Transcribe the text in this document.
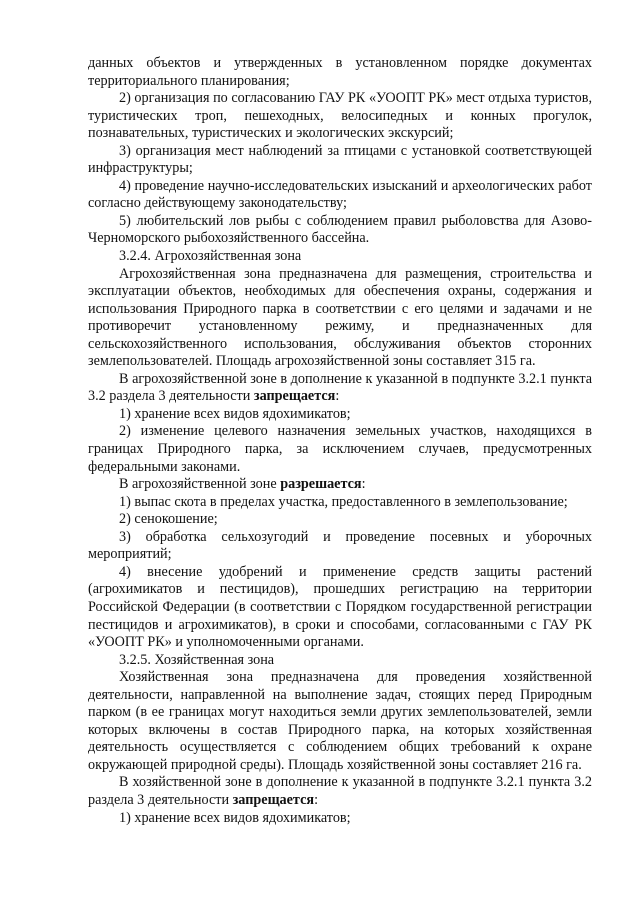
данных объектов и утвержденных в установленном порядке документах территориального планирования;

2) организация по согласованию ГАУ РК «УООПТ РК» мест отдыха туристов, туристических троп, пешеходных, велосипедных и конных прогулок, познавательных, туристических и экологических экскурсий;

3) организация мест наблюдений за птицами с установкой соответствующей инфраструктуры;

4) проведение научно-исследовательских изысканий и археологических работ согласно действующему законодательству;

5) любительский лов рыбы с соблюдением правил рыболовства для Азово-Черноморского рыбохозяйственного бассейна.

3.2.4. Агрохозяйственная зона

Агрохозяйственная зона предназначена для размещения, строительства и эксплуатации объектов, необходимых для обеспечения охраны, содержания и использования Природного парка в соответствии с его целями и задачами и не противоречит установленному режиму, и предназначенных для сельскохозяйственного использования, обслуживания объектов сторонних землепользователей. Площадь агрохозяйственной зоны составляет 315 га.

В агрохозяйственной зоне в дополнение к указанной в подпункте 3.2.1 пункта 3.2 раздела 3 деятельности запрещается:

1) хранение всех видов ядохимикатов;

2) изменение целевого назначения земельных участков, находящихся в границах Природного парка, за исключением случаев, предусмотренных федеральными законами.

В агрохозяйственной зоне разрешается:

1) выпас скота в пределах участка, предоставленного в землепользование;

2) сенокошение;

3) обработка сельхозугодий и проведение посевных и уборочных мероприятий;

4) внесение удобрений и применение средств защиты растений (агрохимикатов и пестицидов), прошедших регистрацию на территории Российской Федерации (в соответствии с Порядком государственной регистрации пестицидов и агрохимикатов), в сроки и способами, согласованными с ГАУ РК «УООПТ РК» и уполномоченными органами.

3.2.5. Хозяйственная зона

Хозяйственная зона предназначена для проведения хозяйственной деятельности, направленной на выполнение задач, стоящих перед Природным парком (в ее границах могут находиться земли других землепользователей, земли которых включены в состав Природного парка, на которых хозяйственная деятельность осуществляется с соблюдением общих требований к охране окружающей природной среды). Площадь хозяйственной зоны составляет 216 га.

В хозяйственной зоне в дополнение к указанной в подпункте 3.2.1 пункта 3.2 раздела 3 деятельности запрещается:

1) хранение всех видов ядохимикатов;
